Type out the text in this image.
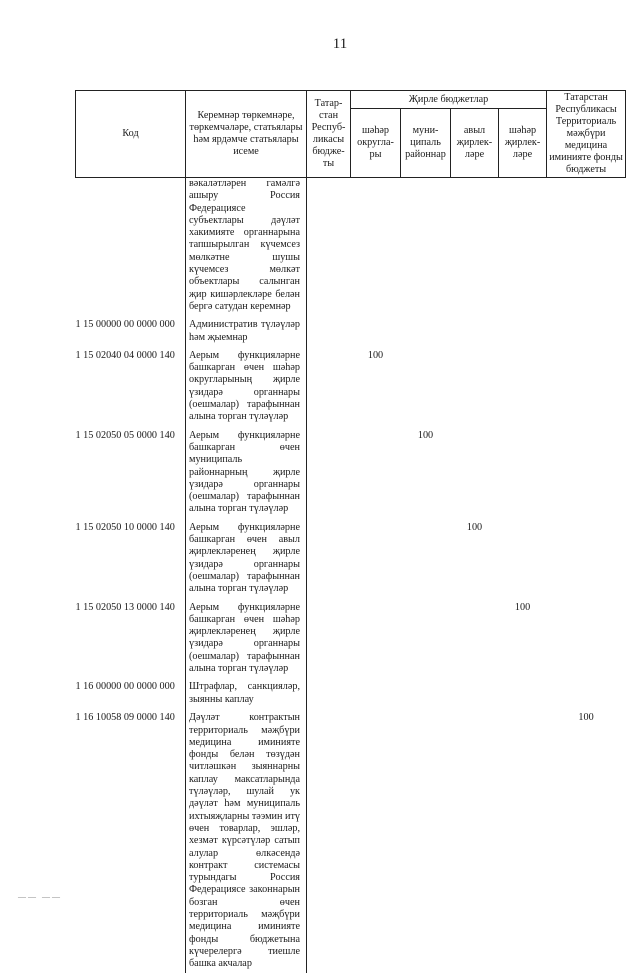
11
Код	Керемнәр төркемнәре, төркемчәләре, статьялары һәм ярдәмче статьялары исеме	Татар- стан Респуб- ликасы бюдже- ты	Җирле бюджетлар				Татарстан Республикасы Территориаль мәҗбүри медицина иминияте фонды бюджеты
			шәһәр округла- ры	муни- ципаль районнар	авыл җирлек- ләре	шәһәр җирлек- ләре	
	вәкаләтләрен гамәлгә ашыру Россия Федерациясе субъектлары дәүләт хакимияте органнарына тапшырылган күчемсез мөлкәтне шушы күчемсез мөлкәт объектлары салынган җир кишәрлекләре белән бергә сатудан керемнәр						
1 15 00000 00 0000 000	Административ түләүләр һәм җыемнар						
1 15 02040 04 0000 140	Аерым функцияләрне башкарган өчен шәһәр округларының җирле үзидарә органнары (оешмалар) тарафыннан алына торган түләүләр		100				
1 15 02050 05 0000 140	Аерым функцияләрне башкарган өчен муниципаль районнарның җирле үзидарә органнары (оешмалар) тарафыннан алына торган түләүләр			100			
1 15 02050 10 0000 140	Аерым функцияләрне башкарган өчен авыл җирлекләренең җирле үзидарә органнары (оешмалар) тарафыннан алына торган түләүләр				100		
1 15 02050 13 0000 140	Аерым функцияләрне башкарган өчен шәһәр җирлекләренең җирле үзидарә органнары (оешмалар) тарафыннан алына торган түләүләр					100	
1 16 00000 00 0000 000	Штрафлар, санкцияләр, зыянны каплау						
1 16 10058 09 0000 140	Дәүләт контрактын территориаль мәҗбүри медицина иминияте фонды белән төзүдән читләшкән зыяннарны каплау максатларында түләүләр, шулай ук дәүләт һәм муниципаль ихтыяҗларны тәэмин итү өчен товарлар, эшләр, хезмәт күрсәтүләр сатып алулар өлкәсендә контракт системасы турындагы Россия Федерациясе законнарын бозган өчен территориаль мәҗбүри медицина иминияте фонды бюджетына күчерелергә тиешле башка акчалар						100
—— ——
